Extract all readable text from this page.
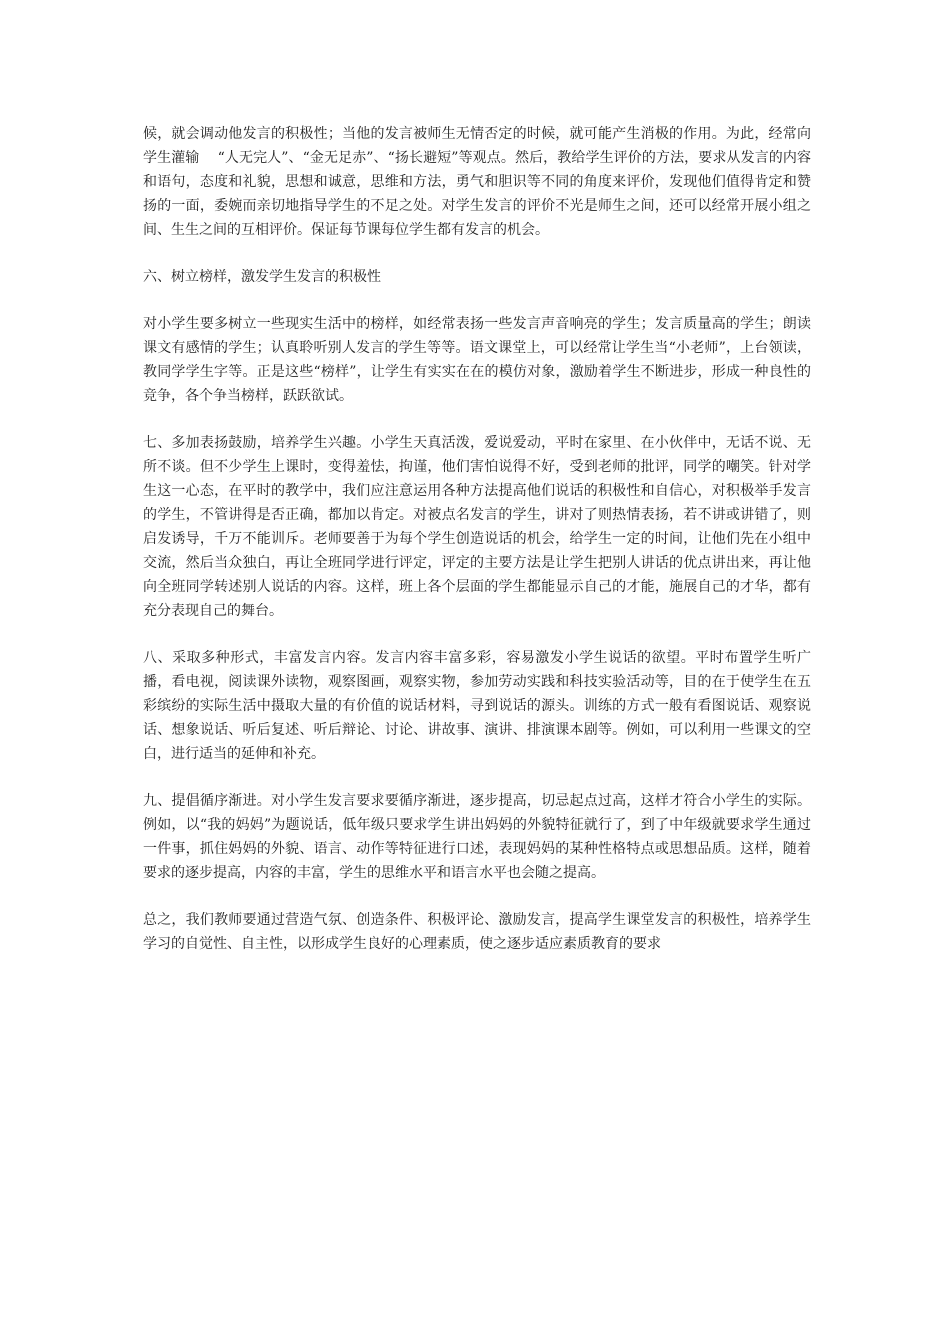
候，就会调动他发言的积极性；当他的发言被师生无情否定的时候，就可能产生消极的作用。为此，经常向学生灌输    “人无完人”、“金无足赤”、“扬长避短”等观点。然后，教给学生评价的方法，要求从发言的内容和语句，态度和礼貌，思想和诚意，思维和方法，勇气和胆识等不同的角度来评价，发现他们值得肯定和赞扬的一面，委婉而亲切地指导学生的不足之处。对学生发言的评价不光是师生之间，还可以经常开展小组之间、生生之间的互相评价。保证每节课每位学生都有发言的机会。

六、树立榜样，激发学生发言的积极性

对小学生要多树立一些现实生活中的榜样，如经常表扬一些发言声音响亮的学生；发言质量高的学生；朗读课文有感情的学生；认真聆听别人发言的学生等等。语文课堂上，可以经常让学生当“小老师”，上台领读，教同学学生字等。正是这些“榜样”，让学生有实实在在的模仿对象，激励着学生不断进步，形成一种良性的竞争，各个争当榜样，跃跃欲试。

七、多加表扬鼓励，培养学生兴趣。小学生天真活泼，爱说爱动，平时在家里、在小伙伴中，无话不说、无所不谈。但不少学生上课时，变得羞怯，拘谨，他们害怕说得不好，受到老师的批评，同学的嘲笑。针对学生这一心态，在平时的教学中，我们应注意运用各种方法提高他们说话的积极性和自信心，对积极举手发言的学生，不管讲得是否正确，都加以肯定。对被点名发言的学生，讲对了则热情表扬，若不讲或讲错了，则启发诱导，千万不能训斥。老师要善于为每个学生创造说话的机会，给学生一定的时间，让他们先在小组中交流，然后当众独白，再让全班同学进行评定，评定的主要方法是让学生把别人讲话的优点讲出来，再让他向全班同学转述别人说话的内容。这样，班上各个层面的学生都能显示自己的才能，施展自己的才华，都有充分表现自己的舞台。

八、采取多种形式，丰富发言内容。发言内容丰富多彩，容易激发小学生说话的欲望。平时布置学生听广播，看电视，阅读课外读物，观察图画，观察实物，参加劳动实践和科技实验活动等，目的在于使学生在五彩缤纷的实际生活中摄取大量的有价值的说话材料，寻到说话的源头。训练的方式一般有看图说话、观察说话、想象说话、听后复述、听后辩论、讨论、讲故事、演讲、排演课本剧等。例如，可以利用一些课文的空白，进行适当的延伸和补充。

九、提倡循序渐进。对小学生发言要求要循序渐进，逐步提高，切忌起点过高，这样才符合小学生的实际。例如，以“我的妈妈”为题说话，低年级只要求学生讲出妈妈的外貌特征就行了，到了中年级就要求学生通过一件事，抓住妈妈的外貌、语言、动作等特征进行口述，表现妈妈的某种性格特点或思想品质。这样，随着要求的逐步提高，内容的丰富，学生的思维水平和语言水平也会随之提高。

总之，我们教师要通过营造气氛、创造条件、积极评论、激励发言，提高学生课堂发言的积极性，培养学生学习的自觉性、自主性，以形成学生良好的心理素质，使之逐步适应素质教育的要求
